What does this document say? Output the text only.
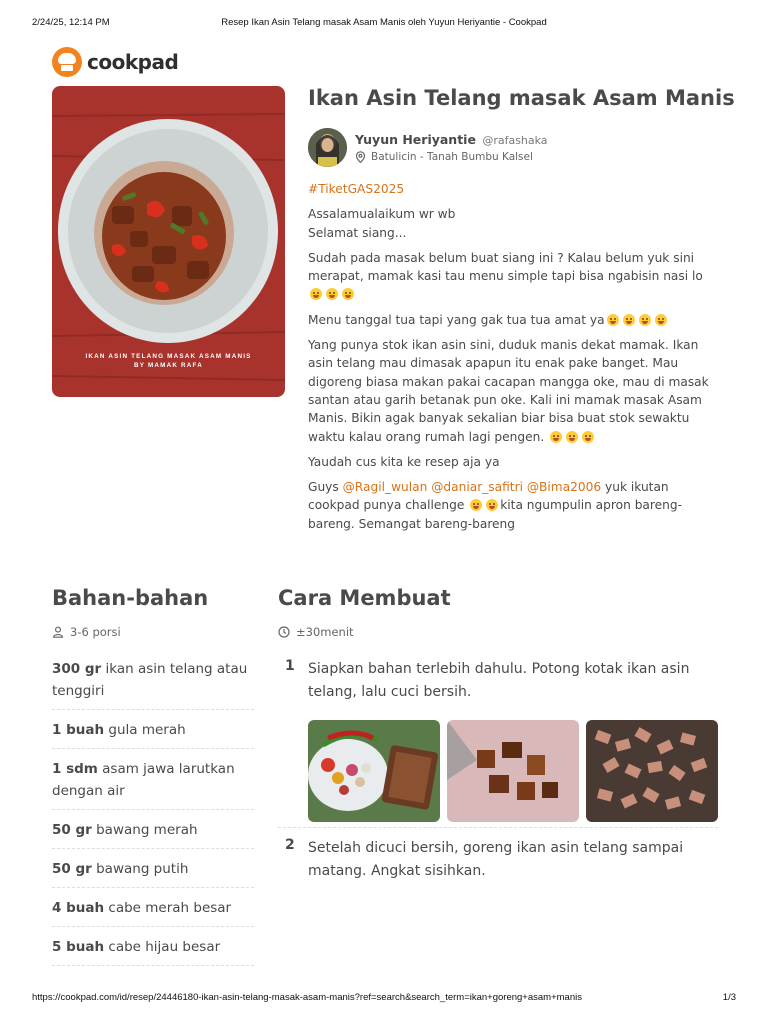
2/24/25, 12:14 PM	Resep Ikan Asin Telang masak Asam Manis oleh Yuyun Heriyantie - Cookpad
cookpad
IKAN ASIN TELANG MASAK ASAM MANIS
BY MAMAK RAFA
Ikan Asin Telang masak Asam Manis
Yuyun Heriyantie @rafashaka
Batulicin - Tanah Bumbu Kalsel

#TiketGAS2025

Assalamualaikum wr wb
Selamat siang...

Sudah pada masak belum buat siang ini ? Kalau belum yuk sini merapat, mamak kasi tau menu simple tapi bisa ngabisin nasi lo

Menu tanggal tua tapi yang gak tua tua amat ya

Yang punya stok ikan asin sini, duduk manis dekat mamak. Ikan asin telang mau dimasak apapun itu enak pake banget. Mau digoreng biasa makan pakai cacapan mangga oke, mau di masak santan atau garih betanak pun oke. Kali ini mamak masak Asam Manis. Bikin agak banyak sekalian biar bisa buat stok sewaktu waktu kalau orang rumah lagi pengen.

Yaudah cus kita ke resep aja ya

Guys @Ragil_wulan @daniar_safitri @Bima2006 yuk ikutan cookpad punya challenge	kita ngumpulin apron bareng-bareng. Semangat bareng-bareng

Bahan-bahan
3-6 porsi
300 gr ikan asin telang atau tenggiri
1 buah gula merah
1 sdm asam jawa larutkan dengan air
50 gr bawang merah
50 gr bawang putih
4 buah cabe merah besar
5 buah cabe hijau besar
Cara Membuat
±30menit
1 Siapkan bahan terlebih dahulu. Potong kotak ikan asin telang, lalu cuci bersih.
2 Setelah dicuci bersih, goreng ikan asin telang sampai matang. Angkat sisihkan.
https://cookpad.com/id/resep/24446180-ikan-asin-telang-masak-asam-manis?ref=search&search_term=ikan+goreng+asam+manis	1/3
